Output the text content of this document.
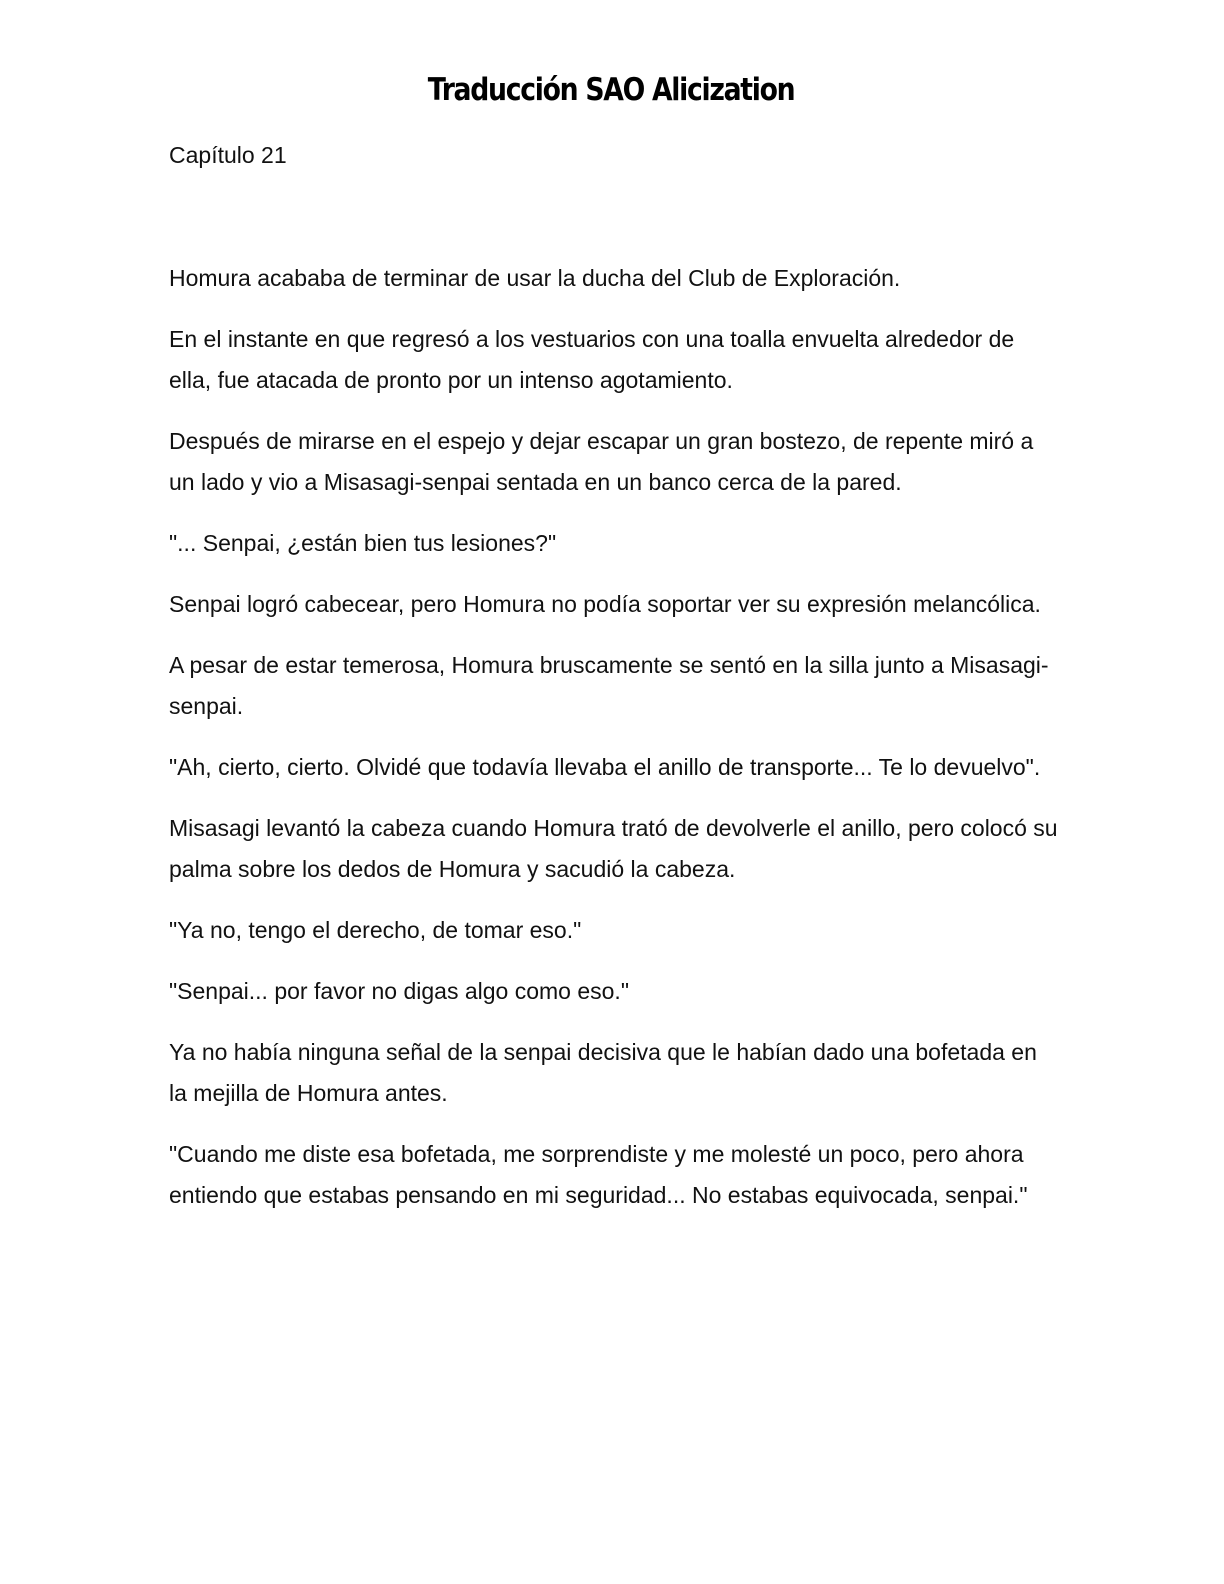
Traducción SAO Alicization

Capítulo 21

Homura acababa de terminar de usar la ducha del Club de Exploración.

En el instante en que regresó a los vestuarios con una toalla envuelta alrededor de ella, fue atacada de pronto por un intenso agotamiento.

Después de mirarse en el espejo y dejar escapar un gran bostezo, de repente miró a un lado y vio a Misasagi-senpai sentada en un banco cerca de la pared.

"... Senpai, ¿están bien tus lesiones?"

Senpai logró cabecear, pero Homura no podía soportar ver su expresión melancólica.

A pesar de estar temerosa, Homura bruscamente se sentó en la silla junto a Misasagi-senpai.

"Ah, cierto, cierto. Olvidé que todavía llevaba el anillo de transporte... Te lo devuelvo".

Misasagi levantó la cabeza cuando Homura trató de devolverle el anillo, pero colocó su palma sobre los dedos de Homura y sacudió la cabeza.

"Ya no, tengo el derecho, de tomar eso."

"Senpai... por favor no digas algo como eso."

Ya no había ninguna señal de la senpai decisiva que le habían dado una bofetada en la mejilla de Homura antes.

"Cuando me diste esa bofetada, me sorprendiste y me molesté un poco, pero ahora entiendo que estabas pensando en mi seguridad... No estabas equivocada, senpai."
